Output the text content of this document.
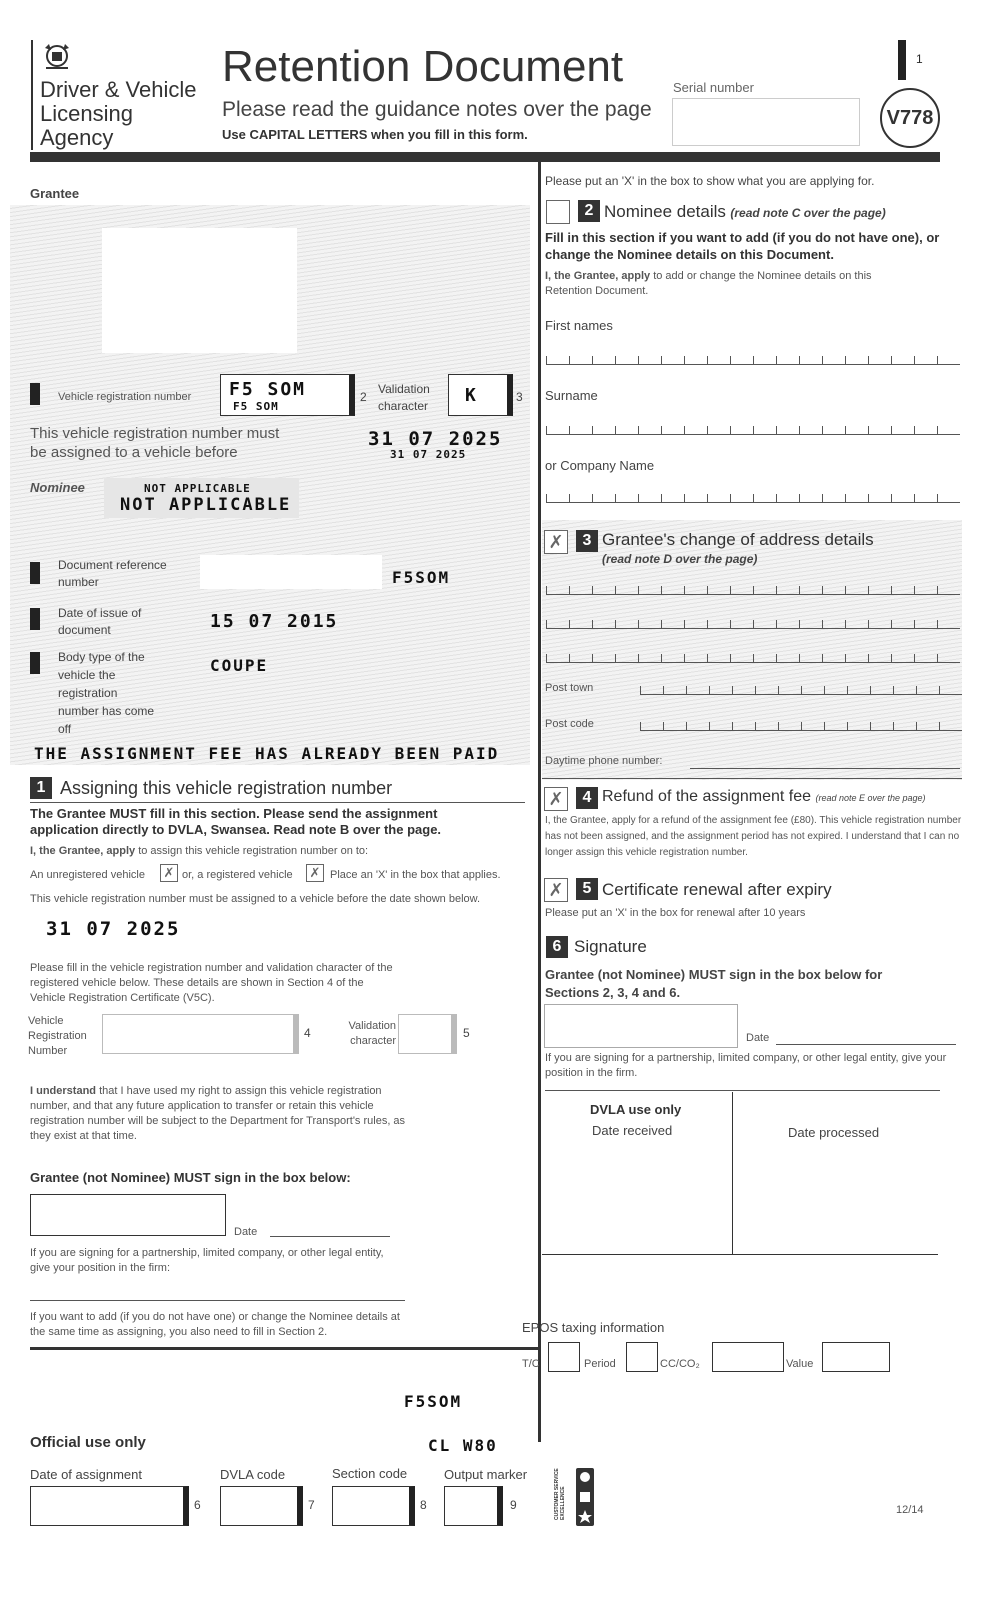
Driver & Vehicle
Licensing
Agency
Retention Document
Please read the guidance notes over the page
Use CAPITAL LETTERS when you fill in this form.
Serial number
1
V778
Grantee
Vehicle registration number F5 SOM
F5 SOM
2
Validation character	K	3
This vehicle registration number must be assigned to a vehicle before
31 07 2025
31 07 2025
Nominee	NOT APPLICABLE
NOT APPLICABLE
Document reference number	F5SOM
Date of issue of document	15 07 2015
Body type of the vehicle the registration number has come off
COUPE
THE ASSIGNMENT FEE HAS ALREADY BEEN PAID
1 Assigning this vehicle registration number
The Grantee MUST fill in this section. Please send the assignment application directly to DVLA, Swansea. Read note B over the page.
I, the Grantee, apply to assign this vehicle registration number on to:
An unregistered vehicle ✗ or, a registered vehicle ✗ Place an 'X' in the box that applies.
This vehicle registration number must be assigned to a vehicle before the date shown below.
31 07 2025
Please fill in the vehicle registration number and validation character of the registered vehicle below. These details are shown in Section 4 of the Vehicle Registration Certificate (V5C).
Vehicle Registration Number
4	Validation character
5
I understand that I have used my right to assign this vehicle registration number, and that any future application to transfer or retain this vehicle registration number will be subject to the Department for Transport's rules, as they exist at that time.
Grantee (not Nominee) MUST sign in the box below:
Date
If you are signing for a partnership, limited company, or other legal entity, give your position in the firm:
If you want to add (if you do not have one) or change the Nominee details at the same time as assigning, you also need to fill in Section 2.
Please put an 'X' in the box to show what you are applying for.
2 Nominee details (read note C over the page)
Fill in this section if you want to add (if you do not have one), or change the Nominee details on this Document.
I, the Grantee, apply to add or change the Nominee details on this Retention Document.
First names
Surname
or Company Name
✗	3 Grantee's change of address details
(read note D over the page)
Post town
Post code
Daytime phone number:
✗	4 Refund of the assignment fee (read note E over the page)
I, the Grantee, apply for a refund of the assignment fee (£80). This vehicle registration number has not been assigned, and the assignment period has not expired. I understand that I can no longer assign this vehicle registration number.
✗	5 Certificate renewal after expiry
Please put an 'X' in the box for renewal after 10 years
6 Signature
Grantee (not Nominee) MUST sign in the box below for Sections 2, 3, 4 and 6.
Date
If you are signing for a partnership, limited company, or other legal entity, give your position in the firm.
DVLA use only
Date received	Date processed
EPOS taxing information
T/C	Period	CC/CO₂	Value
F5SOM
CL W80
Official use only
Date of assignment
6
DVLA code
7
Section code
8
Output marker
9	CUSTOMER SERVICE EXCELLENCE	12/14
